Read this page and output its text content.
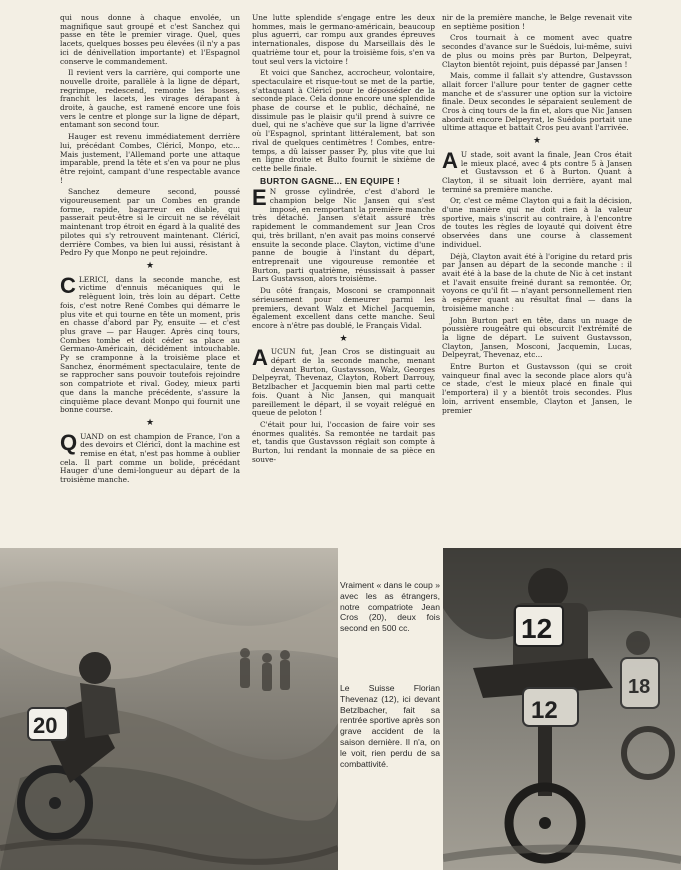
qui nous donne à chaque envolée, un magnifique saut groupé et c'est Sanchez qui passe en tête le premier virage. Quel, ques lacets, quelques bosses peu élevées (il n'y a pas ici de dénivellation importante) et l'Espagnol conserve le commandement.

Il revient vers la carrière, qui comporte une nouvelle droite, parallèle à la ligne de départ, regrimpe, redescend, remonte les bosses, franchit les lacets, les virages dérapant à droite, à gauche, est ramené encore une fois vers le centre et plonge sur la ligne de départ, entamant son second tour.

Hauger est revenu immédiatement derrière lui, précédant Combes, Cléricî, Monpo, etc... Mais justement, l'Allemand porte une attaque imparable, prend la tête et s'en va pour ne plus être rejoint, campant d'une respectable avance !

Sanchez demeure second, poussé vigoureusement par un Combes en grande forme, rapide, bagarreur en diable, qui passerait peut-être si le circuit ne se révélait maintenant trop étroit en égard à la qualité des pilotes qui s'y retrouvent maintenant. Cléricî, derrière Combes, va bien lui aussi, résistant à Pedro Py que Monpo ne peut rejoindre.

★

CLERICI, dans la seconde manche, est victime d'ennuis mécaniques qui le relèguent loin, très loin au départ. Cette fois, c'est notre René Combes qui démarre le plus vite et qui tourne en tête un moment, pris en chasse d'abord par Py, ensuite — et c'est plus grave — par Hauger. Après cinq tours, Combes tombe et doit céder sa place au Germano-Américain, décidément intouchable. Py se cramponne à la troisième place et Sanchez, énormément spectaculaire, tente de se rapprocher sans pouvoir toutefois rejoindre son compatriote et rival. Godey, mieux parti que dans la manche précédente, s'assure la cinquième place devant Monpo qui fournit une bonne course.

★

QUAND on est champion de France, l'on a des devoirs et Cléricî, dont la machine est remise en état, n'est pas homme à oublier cela. Il part comme un bolide, précédant Hauger d'une demi-longueur au départ de la troisième manche.

Une lutte splendide s'engage entre les deux hommes, mais le germano-américain, beaucoup plus aguerri, car rompu aux grandes épreuves internationales, dispose du Marseillais dès le quatrième tour et, pour la troisième fois, s'en va tout seul vers la victoire !

Et voici que Sanchez, accrocheur, volontaire, spectaculaire et risque-tout se met de la partie, s'attaquant à Cléricî pour le déposséder de la seconde place. Cela donne encore une splendide phase de course et le public, déchaîné, ne dissimule pas le plaisir qu'il prend à suivre ce duel, qui ne s'achève que sur la ligne d'arrivée où l'Espagnol, sprintant littéralement, bat son rival de quelques centimètres ! Combes, entre-temps, a dû laisser passer Py, plus vite que lui en ligne droite et Bulto fournit le sixième de cette belle finale.

BURTON GAGNE... EN EQUIPE !

E N grosse cylindrée, c'est d'abord le champion belge Nic Jansen qui s'est imposé, en remportant la première manche très détaché. Jansen s'était assuré très rapidement le commandement sur Jean Cros qui, très brillant, n'en avait pas moins conservé ensuite la seconde place. Clayton, victime d'une panne de bougie à l'instant du départ, entreprenait une vigoureuse remontée et Burton, parti quatrième, réussissait à passer Lars Gustavsson, alors troisième.

Du côté français, Mosconi se cramponnait sérieusement pour demeurer parmi les premiers, devant Walz et Michel Jacquemin, également excellent dans cette manche. Seul encore à n'être pas doublé, le Français Vidal.

★

AUCUN fut, Jean Cros se distinguait au départ de la seconde manche, menant devant Burton, Gustavsson, Walz, Georges Delpeyrat, Thevenaz, Clayton, Robert Darrouy, Betzlbacher et Jacquemin bien mal parti cette fois. Quant à Nic Jansen, qui manquait pareillement le départ, il se voyait relégué en queue de peloton !

C'était pour lui, l'occasion de faire voir ses énormes qualités. Sa remontée ne tardait pas et, tandis que Gustavsson réglait son compte à Burton, lui rendant la monnaie de sa pièce en souve-

nir de la première manche, le Belge revenait vite en septième position !

Cros tournait à ce moment avec quatre secondes d'avance sur le Suédois, lui-même, suivi de plus ou moins près par Burton, Delpeyrat, Clayton bientôt rejoint, puis dépassé par Jansen !

Mais, comme il fallait s'y attendre, Gustavsson allait forcer l'allure pour tenter de gagner cette manche et de s'assurer une option sur la victoire finale. Deux secondes le séparaient seulement de Cros à cinq tours de la fin et, alors que Nic Jansen abordait encore Delpeyrat, le Suédois portait une ultime attaque et battait Cros peu avant l'arrivée.

★

A U stade, soit avant la finale, Jean Cros était le mieux placé, avec 4 pts contre 5 à Jansen et Gustavsson et 6 à Burton. Quant à Clayton, il se situait loin derrière, ayant mal terminé sa première manche.

Or, c'est ce même Clayton qui a fait la décision, d'une manière qui ne doit rien à la valeur sportive, mais s'inscrit au contraire, à l'encontre de toutes les règles de loyauté qui doivent être observées dans une course à classement individuel.

Déjà, Clayton avait été à l'origine du retard pris par Jansen au départ de la seconde manche : il avait été à la base de la chute de Nic à cet instant et l'avait ensuite freiné durant sa remontée. Or, voyons ce qu'il fit — n'ayant personnellement rien à espérer quant au résultat final — dans la troisième manche :

John Burton part en tête, dans un nuage de poussière rougeâtre qui obscurcit l'extrémité de la ligne de départ. Le suivent Gustavsson, Clayton, Jansen, Mosconi, Jacquemin, Lucas, Delpeyrat, Thevenaz, etc...

Entre Burton et Gustavsson (qui se croit vainqueur final avec la seconde place alors qu'à ce stade, c'est le mieux placé en finale qui l'emportera) il y a bientôt trois secondes. Plus loin, arrivent ensemble, Clayton et Jansen, le premier

20
Vraiment « dans le coup » avec les as étrangers, notre compatriote Jean Cros (20), deux fois second en 500 cc.
Le Suisse Florian Thevenaz (12), ici devant Betzlbacher, fait sa rentrée sportive après son grave accident de la saison dernière. Il n'a, on le voit, rien perdu de sa combattivité.
18
12
12
